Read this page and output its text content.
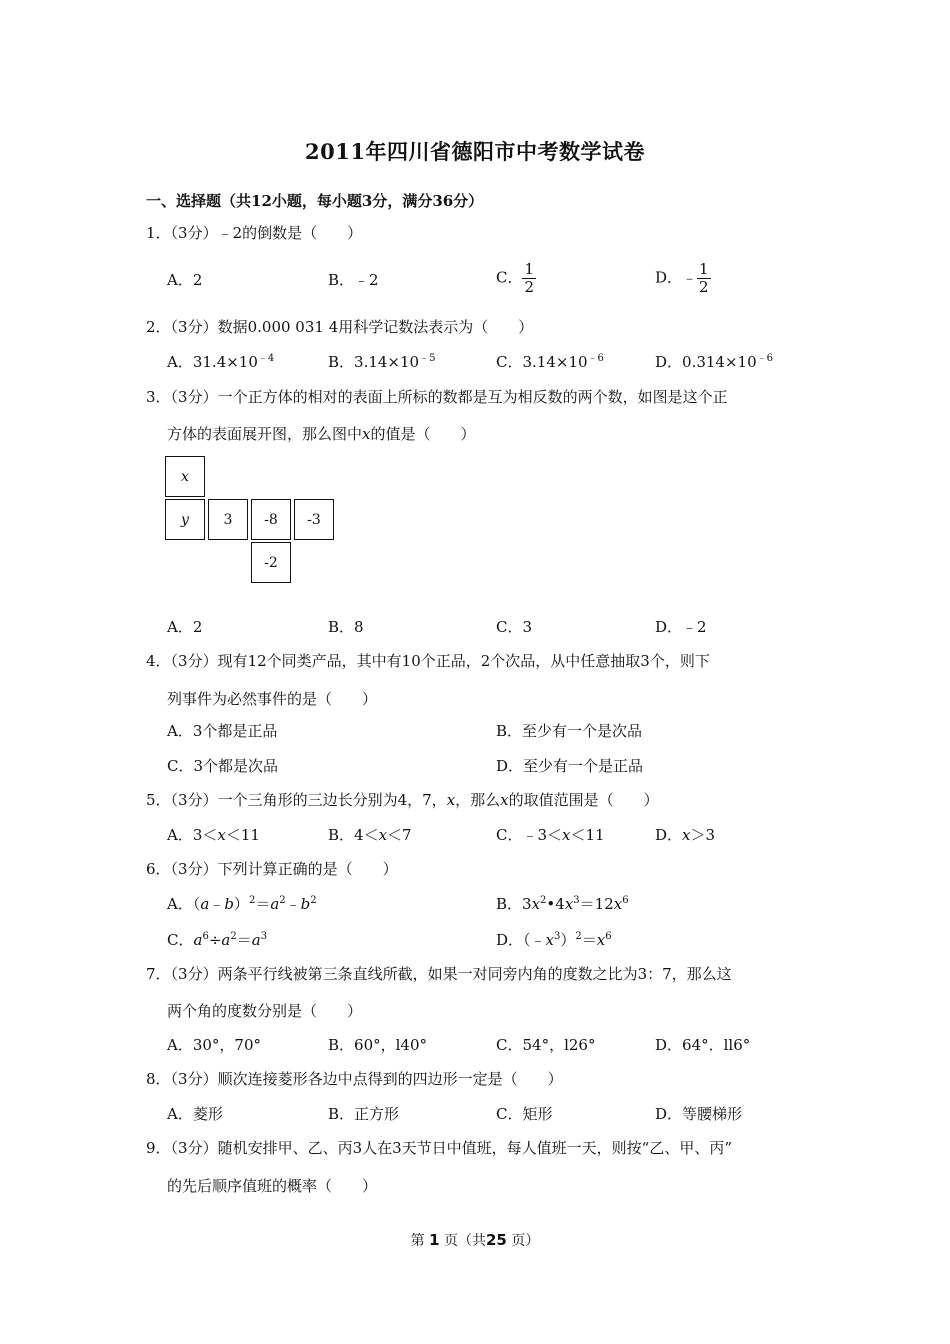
2011年四川省德阳市中考数学试卷
一、选择题（共12小题，每小题3分，满分36分）
1．（3分）﹣2的倒数是（　　）
A．2	B．﹣2	C． $\frac{1}{2}$	D．﹣ $\frac{1}{2}$
2．（3分）数据0.000 031 4用科学记数法表示为（　　）
A．$31.4\times 10^{﹣4}$	B．$3.14\times 10^{﹣5}$	C．$3.14\times 10^{﹣6}$	D．$0.314\times 10^{﹣6}$
3．（3分）一个正方体的相对的表面上所标的数都是互为相反数的两个数，如图是这个正
方体的表面展开图，那么图中x的值是（　　）
x
y	3	-8	-3
-2
A．2	B．8	C．3	D．﹣2
4．（3分）现有12个同类产品，其中有10个正品，2个次品，从中任意抽取3个，则下
列事件为必然事件的是（　　）
A．3个都是正品	B．至少有一个是次品
C．3个都是次品	D．至少有一个是正品
5．（3分）一个三角形的三边长分别为4，7，x，那么x的取值范围是（　　）
A．3＜x＜11	B．4＜x＜7	C．﹣3＜x＜11	D．x＞3
6．（3分）下列计算正确的是（　　）
A．$(a﹣b)^2=a^2﹣b^2$	B．$3x^2•4x^3=12x^6$
C．$a^6\div a^2=a^3$	D．$(﹣x^3)^2=x^6$
7．（3分）两条平行线被第三条直线所截，如果一对同旁内角的度数之比为3：7，那么这
两个角的度数分别是（　　）
A．30°，70°	B．60°，l40°	C．54°，l26°	D．64°．ll6°
8．（3分）顺次连接菱形各边中点得到的四边形一定是（　　）
A．菱形	B．正方形	C．矩形	D．等腰梯形
9．（3分）随机安排甲、乙、丙3人在3天节日中值班，每人值班一天，则按“乙、甲、丙”
的先后顺序值班的概率（　　）
第 1 页（共25 页）
